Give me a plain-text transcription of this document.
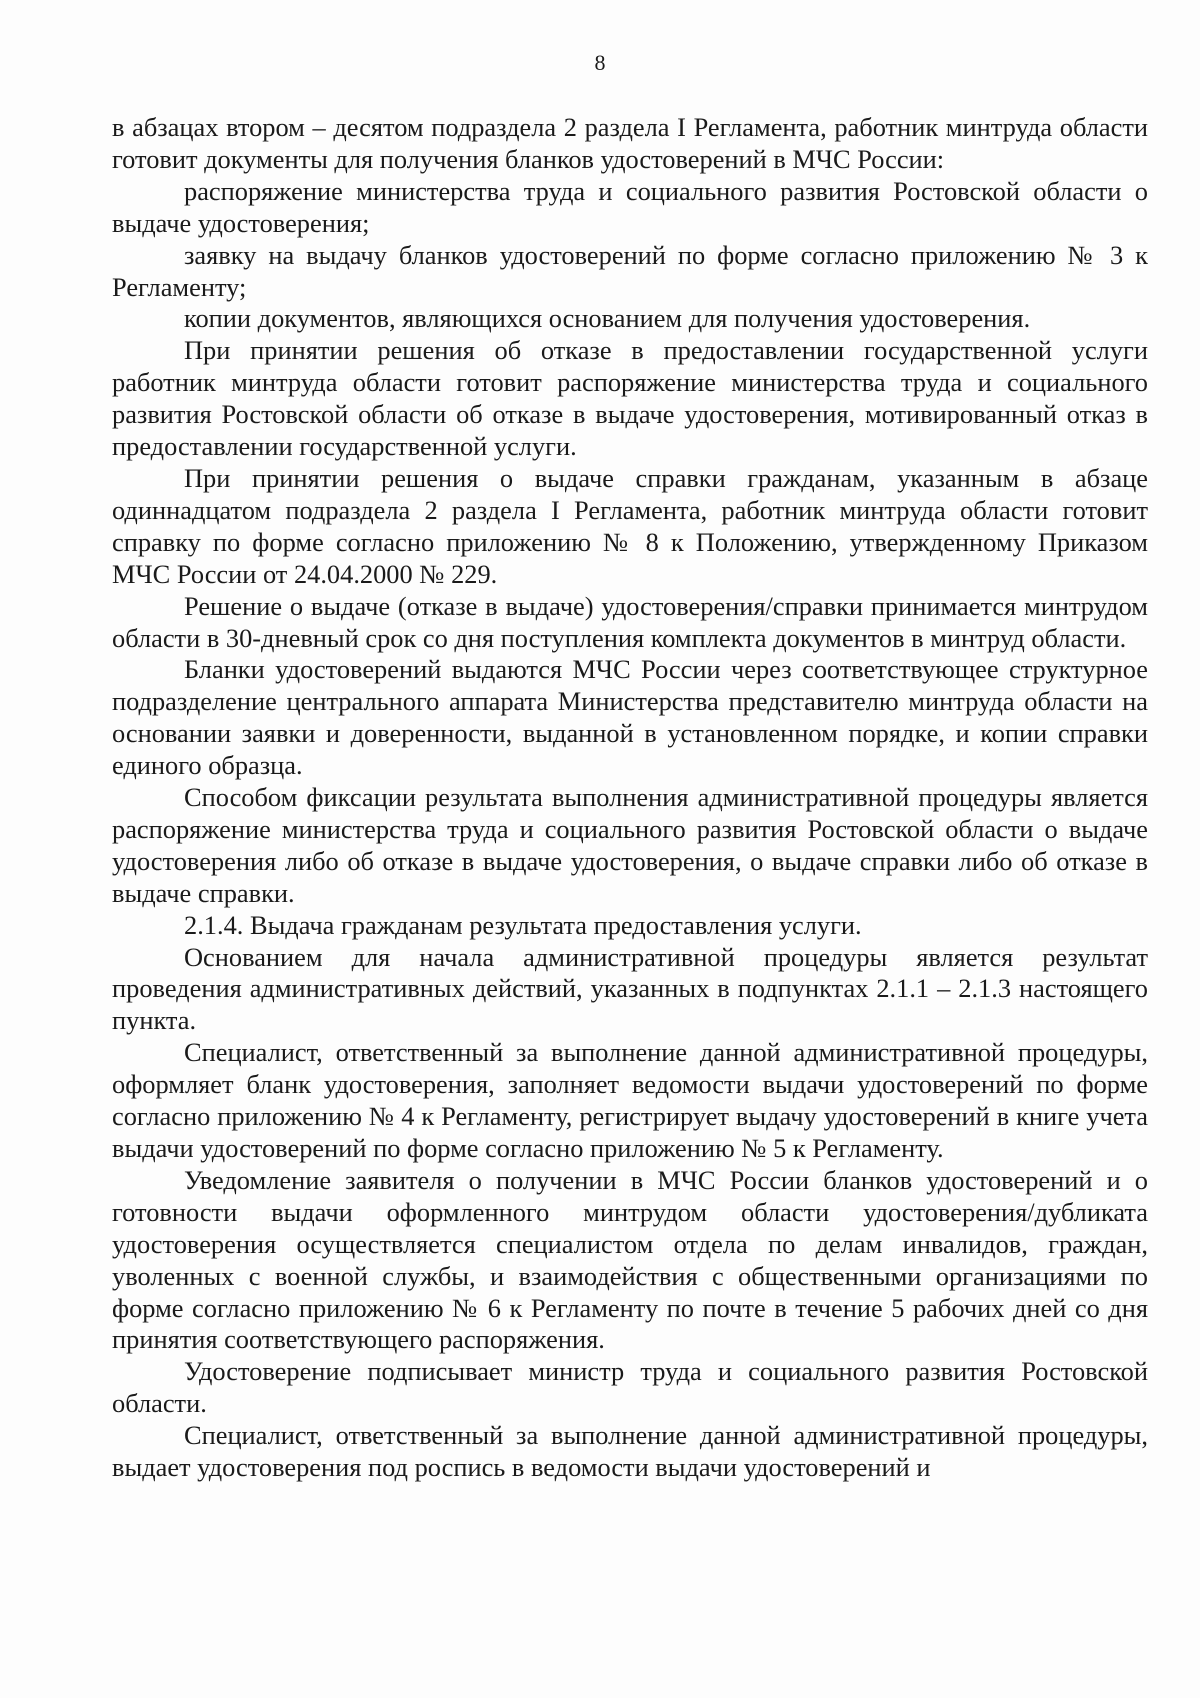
8

в абзацах втором – десятом подраздела 2 раздела I Регламента, работник минтруда области готовит документы для получения бланков удостоверений в МЧС России:

распоряжение министерства труда и социального развития Ростовской области о выдаче удостоверения;

заявку на выдачу бланков удостоверений по форме согласно приложению № 3 к Регламенту;

копии документов, являющихся основанием для получения удостоверения.

При принятии решения об отказе в предоставлении государственной услуги работник минтруда области готовит распоряжение министерства труда и социального развития Ростовской области об отказе в выдаче удостоверения, мотивированный отказ в предоставлении государственной услуги.

При принятии решения о выдаче справки гражданам, указанным в абзаце одиннадцатом подраздела 2 раздела I Регламента, работник минтруда области готовит справку по форме согласно приложению № 8 к Положению, утвержденному Приказом МЧС России от 24.04.2000 № 229.

Решение о выдаче (отказе в выдаче) удостоверения/справки принимается минтрудом области в 30-дневный срок со дня поступления комплекта документов в минтруд области.

Бланки удостоверений выдаются МЧС России через соответствующее структурное подразделение центрального аппарата Министерства представителю минтруда области на основании заявки и доверенности, выданной в установленном порядке, и копии справки единого образца.

Способом фиксации результата выполнения административной процедуры является распоряжение министерства труда и социального развития Ростовской области о выдаче удостоверения либо об отказе в выдаче удостоверения, о выдаче справки либо об отказе в выдаче справки.

2.1.4. Выдача гражданам результата предоставления услуги.

Основанием для начала административной процедуры является результат проведения административных действий, указанных в подпунктах 2.1.1 – 2.1.3 настоящего пункта.

Специалист, ответственный за выполнение данной административной процедуры, оформляет бланк удостоверения, заполняет ведомости выдачи удостоверений по форме согласно приложению № 4 к Регламенту, регистрирует выдачу удостоверений в книге учета выдачи удостоверений по форме согласно приложению № 5 к Регламенту.

Уведомление заявителя о получении в МЧС России бланков удостоверений и о готовности выдачи оформленного минтрудом области удостоверения/дубликата удостоверения осуществляется специалистом отдела по делам инвалидов, граждан, уволенных с военной службы, и взаимодействия с общественными организациями по форме согласно приложению № 6 к Регламенту по почте в течение 5 рабочих дней со дня принятия соответствующего распоряжения.

Удостоверение подписывает министр труда и социального развития Ростовской области.

Специалист, ответственный за выполнение данной административной процедуры, выдает удостоверения под роспись в ведомости выдачи удостоверений и
